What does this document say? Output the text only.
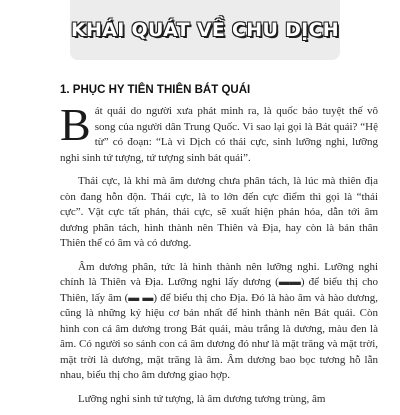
KHÁI QUÁT VỀ CHU DỊCH
1. PHỤC HY TIÊN THIÊN BÁT QUÁI

Bát quái do người xưa phát minh ra, là quốc bảo tuyệt thế vô song của người dân Trung Quốc. Vì sao lại gọi là Bát quái? “Hệ từ” có đoạn: “Là vì Dịch có thái cực, sinh lưỡng nghi, lưỡng nghi sinh tứ tượng, tứ tượng sinh bát quái”.

Thái cực, là khi mà âm dương chưa phân tách, là lúc mà thiên địa còn đang hỗn độn. Thái cực, là to lớn đến cực điểm thì gọi là “thái cực”. Vật cực tất phản, thái cực, sẽ xuất hiện phản hóa, dẫn tới âm dương phân tách, hình thành nên Thiên và Địa, hay còn là bản thân Thiên thể có âm và có dương.

Âm dương phân, tức là hình thành nên lưỡng nghi. Lưỡng nghi chính là Thiên và Địa. Lưỡng nghi lấy dương (▬▬) để biểu thị cho Thiên, lấy âm (▬ ▬) để biểu thị cho Địa. Đó là hào âm và hào dương, cũng là những ký hiệu cơ bản nhất để hình thành nên Bát quái. Còn hình con cá âm dương trong Bát quái, màu trắng là dương, màu đen là âm. Có người so sánh con cá âm dương đó như là mặt trăng và mặt trời, mặt trời là dương, mặt trăng là âm. Âm dương bao bọc tương hỗ lẫn nhau, biểu thị cho âm dương giao hợp.

Lưỡng nghi sinh tứ tượng, là âm dương tương trùng, âm
